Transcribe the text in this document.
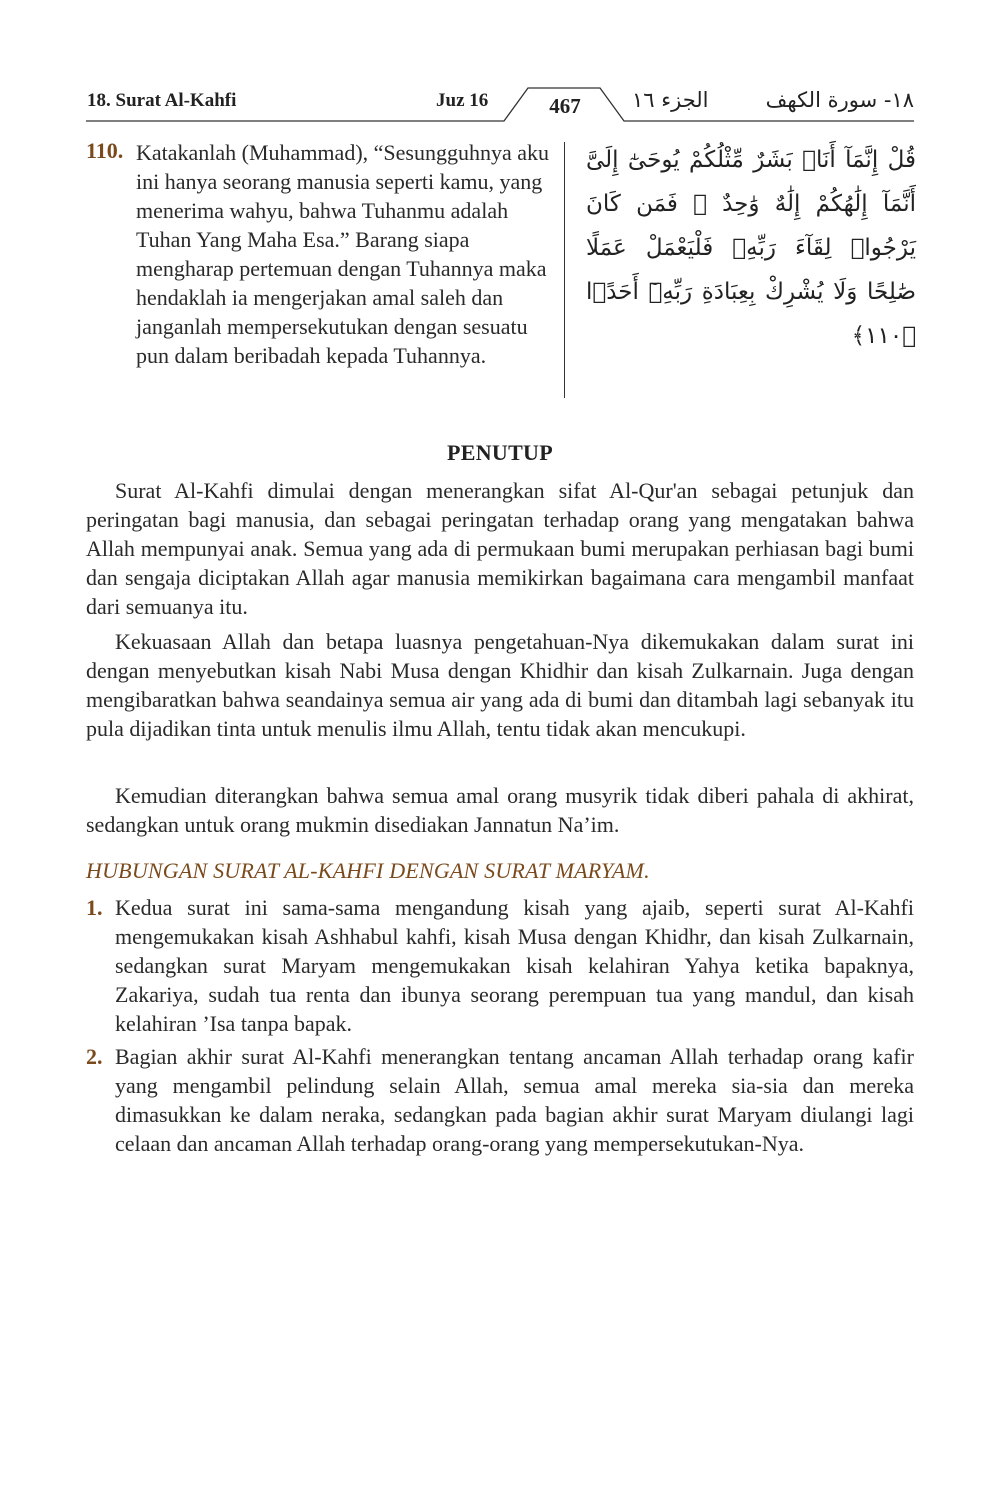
18. Surat Al-Kahfi	Juz 16	467	الجزء ١٦	١٨- سورة الكهف
110. Katakanlah (Muhammad), “Sesungguhnya aku ini hanya seorang manusia seperti kamu, yang menerima wahyu, bahwa Tuhanmu adalah Tuhan Yang Maha Esa.” Barang siapa mengharap pertemuan dengan Tuhannya maka hendaklah ia mengerjakan amal saleh dan janganlah mempersekutukan dengan sesuatu pun dalam beribadah kepada Tuhannya.
قُلْ إِنَّمَآ أَنَا۠ بَشَرٌ مِّثْلُكُمْ يُوحَىٰٓ إِلَىَّ أَنَّمَآ إِلَٰهُكُمْ إِلَٰهٌ وَٰحِدٌ ۖ فَمَن كَانَ يَرْجُوا۟ لِقَآءَ رَبِّهِۦ فَلْيَعْمَلْ عَمَلًا صَٰلِحًا وَلَا يُشْرِكْ بِعِبَادَةِ رَبِّهِۦٓ أَحَدًۢا ﴿١١٠﴾
PENUTUP

Surat Al-Kahfi dimulai dengan menerangkan sifat Al-Qur'an sebagai petunjuk dan peringatan bagi manusia, dan sebagai peringatan terhadap orang yang mengatakan bahwa Allah mempunyai anak. Semua yang ada di permukaan bumi merupakan perhiasan bagi bumi dan sengaja diciptakan Allah agar manusia memikirkan bagaimana cara mengambil manfaat dari semuanya itu.

Kekuasaan Allah dan betapa luasnya pengetahuan-Nya dikemukakan dalam surat ini dengan menyebutkan kisah Nabi Musa dengan Khidhir dan kisah Zulkarnain. Juga dengan mengibaratkan bahwa seandainya semua air yang ada di bumi dan ditambah lagi sebanyak itu pula dijadikan tinta untuk menulis ilmu Allah, tentu tidak akan mencukupi.

Kemudian diterangkan bahwa semua amal orang musyrik tidak diberi pahala di akhirat, sedangkan untuk orang mukmin disediakan Jannatun Na’im.

HUBUNGAN SURAT AL-KAHFI DENGAN SURAT MARYAM.
1. Kedua surat ini sama-sama mengandung kisah yang ajaib, seperti surat Al-Kahfi mengemukakan kisah Ashhabul kahfi, kisah Musa dengan Khidhr, dan kisah Zulkarnain, sedangkan surat Maryam mengemukakan kisah kelahiran Yahya ketika bapaknya, Zakariya, sudah tua renta dan ibunya seorang perempuan tua yang mandul, dan kisah kelahiran ’Isa tanpa bapak.
2. Bagian akhir surat Al-Kahfi menerangkan tentang ancaman Allah terhadap orang kafir yang mengambil pelindung selain Allah, semua amal mereka sia-sia dan mereka dimasukkan ke dalam neraka, sedangkan pada bagian akhir surat Maryam diulangi lagi celaan dan ancaman Allah terhadap orang-orang yang mempersekutukan-Nya.
